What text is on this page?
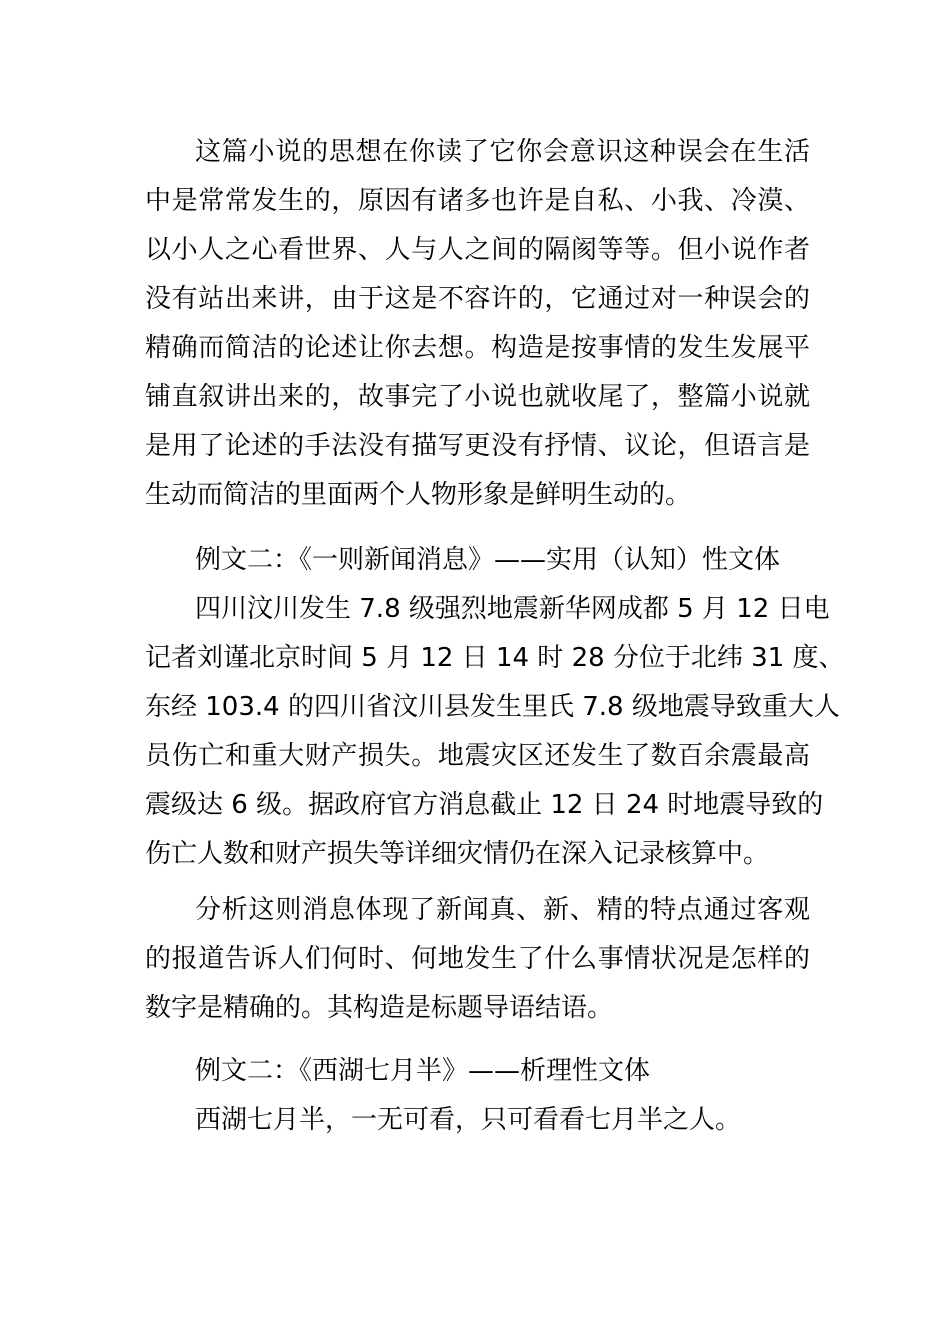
这篇小说的思想在你读了它你会意识这种误会在生活
中是常常发生的，原因有诸多也许是自私、小我、冷漠、
以小人之心看世界、人与人之间的隔阂等等。但小说作者
没有站出来讲，由于这是不容许的，它通过对一种误会的
精确而简洁的论述让你去想。构造是按事情的发生发展平
铺直叙讲出来的，故事完了小说也就收尾了，整篇小说就
是用了论述的手法没有描写更没有抒情、议论，但语言是
生动而简洁的里面两个人物形象是鲜明生动的。
例文二：《一则新闻消息》——实用（认知）性文体
四川汶川发生 7.8 级强烈地震新华网成都 5 月 12 日电
记者刘谨北京时间 5 月 12 日 14 时 28 分位于北纬 31 度、
东经 103.4 的四川省汶川县发生里氏 7.8 级地震导致重大人
员伤亡和重大财产损失。地震灾区还发生了数百余震最高
震级达 6 级。据政府官方消息截止 12 日 24 时地震导致的
伤亡人数和财产损失等详细灾情仍在深入记录核算中。
分析这则消息体现了新闻真、新、精的特点通过客观
的报道告诉人们何时、何地发生了什么事情状况是怎样的
数字是精确的。其构造是标题导语结语。
例文二：《西湖七月半》——析理性文体
西湖七月半，一无可看，只可看看七月半之人。
